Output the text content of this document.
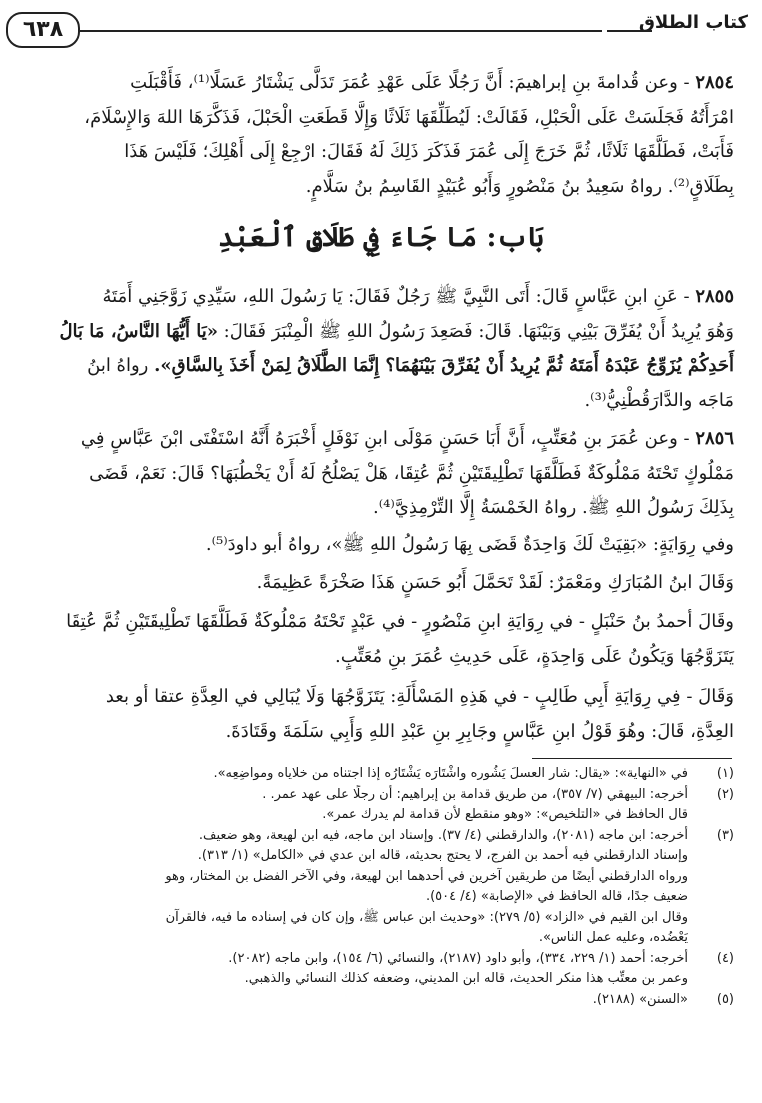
كتاب الطلاق
٦٣٨

٢٨٥٤ - وعن قُدامةَ بنِ إبراهيمَ: أَنَّ رَجُلًا عَلَى عَهْدِ عُمَرَ تَدَلَّى يَشْتَارُ عَسَلًا⁽¹⁾، فَأَقْبَلَتِ

امْرَأَتُهُ فَجَلَسَتْ عَلَى الْحَبْلِ، فَقَالَتْ: لَيُطَلِّقَهَا ثَلَاثًا وَإِلَّا قَطَعَتِ الْحَبْلَ، فَذَكَّرَهَا اللهَ وَالإِسْلَامَ،

فَأَبَتْ، فَطَلَّقَهَا ثَلَاثًا، ثُمَّ خَرَجَ إِلَى عُمَرَ فَذَكَرَ ذَلِكَ لَهُ فَقَالَ: ارْجِعْ إِلَى أَهْلِكَ؛ فَلَيْسَ هَذَا

بِطَلَاقٍ⁽²⁾. رواهُ سَعِيدُ بنُ مَنْصُورٍ وَأَبُو عُبَيْدٍ القَاسِمُ بنُ سَلَّامٍ.

بَاب: مَا جَاءَ فِي طَلَاقِ ٱلْعَبْدِ

٢٨٥٥ - عَنِ ابنِ عَبَّاسٍ قَالَ: أَتَى النَّبِيَّ ﷺ رَجُلٌ فَقَالَ: يَا رَسُولَ اللهِ، سَيِّدِي زَوَّجَنِي أَمَتَهُ

وَهُوَ يُرِيدُ أَنْ يُفَرِّقَ بَيْنِي وَبَيْنَهَا. قَالَ: فَصَعِدَ رَسُولُ اللهِ ﷺ الْمِنْبَرَ فَقَالَ: «يَا أَيُّهَا النَّاسُ، مَا بَالُ

أَحَدِكُمْ يُزَوِّجُ عَبْدَهُ أَمَتَهُ ثُمَّ يُرِيدُ أَنْ يُفَرِّقَ بَيْنَهُمَا؟ إِنَّمَا الطَّلَاقُ لِمَنْ أَخَذَ بِالسَّاقِ». رواهُ ابنُ

مَاجَه والدَّارَقُطْنِيُّ⁽³⁾.

٢٨٥٦ - وعن عُمَرَ بنِ مُعَتِّبٍ، أَنَّ أَبَا حَسَنٍ مَوْلَى ابنِ نَوْفَلٍ أَخْبَرَهُ أَنَّهُ اسْتَفْتَى ابْنَ عَبَّاسٍ فِي

مَمْلُوكٍ تَحْتَهُ مَمْلُوكَةٌ فَطَلَّقَهَا تَطْلِيقَتَيْنِ ثُمَّ عُتِقَا، هَلْ يَصْلُحُ لَهُ أَنْ يَخْطُبَهَا؟ قَالَ: نَعَمْ، قَضَى

بِذَلِكَ رَسُولُ اللهِ ﷺ. رواهُ الخَمْسَةُ إِلَّا التِّرْمِذِيَّ⁽⁴⁾.

وفي رِوَايَةٍ: «بَقِيَتْ لَكَ وَاحِدَةٌ قَضَى بِهَا رَسُولُ اللهِ ﷺ»، رواهُ أبو داودَ⁽⁵⁾.

وَقَالَ ابنُ المُبَارَكِ ومَعْمَرٌ: لَقَدْ تَحَمَّلَ أَبُو حَسَنٍ هَذَا صَخْرَةً عَظِيمَةً.

وقَالَ أحمدُ بنُ حَنْبَلٍ - في رِوَايَةِ ابنِ مَنْصُورٍ - في عَبْدٍ تَحْتَهُ مَمْلُوكَةٌ فَطَلَّقَهَا تَطْلِيقَتَيْنِ ثُمَّ عُتِقَا

يَتَزَوَّجُهَا وَيَكُونُ عَلَى وَاحِدَةٍ، عَلَى حَدِيثِ عُمَرَ بنِ مُعَتِّبٍ.

وَقَالَ - فِي رِوَايَةِ أَبِي طَالِبٍ - في هَذِهِ المَسْأَلَةِ: يَتَزَوَّجُهَا وَلَا يُبَالِي في العِدَّةِ عتقا أو بعد

العِدَّةِ، قَالَ: وهُوَ قَوْلُ ابنِ عَبَّاسٍ وجَابِرِ بنِ عَبْدِ اللهِ وَأَبِي سَلَمَةَ وقَتَادَةَ.

(١)
في «النهاية»: «يقال: شار العسلَ يَشُوره واشْتَارَه يَشْتَارُه إذا اجتناه من خلاياه ومواضِعِه».
(٢)
أخرجه: البيهقي (٧/ ٣٥٧)، من طريق قدامة بن إبراهيم: أن رجلًا على عهد عمر. .
قال الحافظ في «التلخيص»: «وهو منقطع لأن قدامة لم يدرك عمر».
(٣)
أخرجه: ابن ماجه (٢٠٨١)، والدارقطني (٤/ ٣٧). وإسناد ابن ماجه، فيه ابن لهيعة، وهو ضعيف.
وإسناد الدارقطني فيه أحمد بن الفرج، لا يحتج بحديثه، قاله ابن عدي في «الكامل» (١/ ٣١٣).
ورواه الدارقطني أيضًا من طريقين آخرين في أحدهما ابن لهيعة، وفي الآخر الفضل بن المختار، وهو
ضعيف جدًا، قاله الحافظ في «الإصابة» (٤/ ٥٠٤).
وقال ابن القيم في «الزاد» (٥/ ٢٧٩): «وحديث ابن عباس ﷺ، وإن كان في إسناده ما فيه، فالقرآن
يَعْضُده، وعليه عمل الناس».
(٤)
أخرجه: أحمد (١/ ٢٢٩، ٣٣٤)، وأبو داود (٢١٨٧)، والنسائي (٦/ ١٥٤)، وابن ماجه (٢٠٨٢).
وعمر بن معتِّب هذا منكر الحديث، قاله ابن المديني، وضعفه كذلك النسائي والذهبي.
(٥)
«السنن» (٢١٨٨).
